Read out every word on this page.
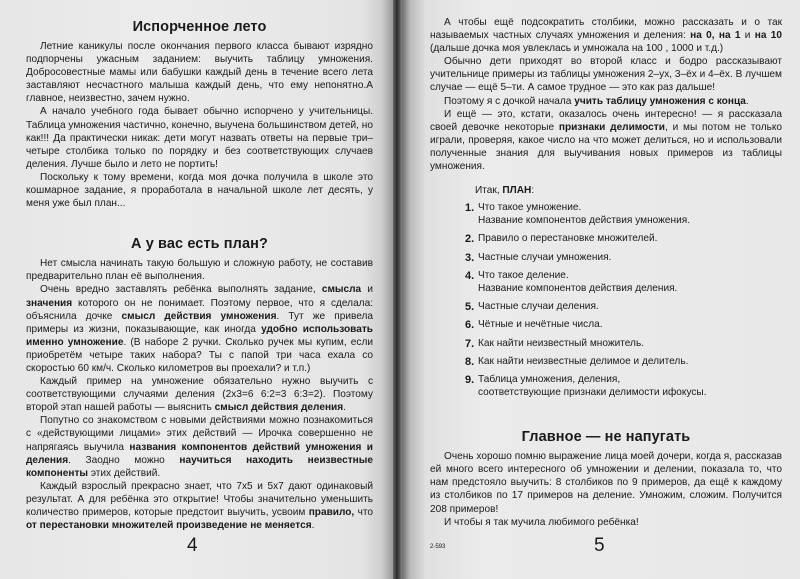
Испорченное лето

Летние каникулы после окончания первого класса бывают изрядно подпорчены ужасным заданием: выучить таблицу умножения. Добросовестные мамы или бабушки каждый день в течение всего лета заставляют несчастного малыша каждый день, что ему непонятно.А главное, неизвестно, зачем нужно.

А начало учебного года бывает обычно испорчено у учительницы. Таблица умножения частично, конечно, выучена большинством детей, но как!!! Да практически никак: дети могут назвать ответы на первые три–четыре столбика только по порядку и без соответствующих случаев деления. Лучше было и лето не портить!

Поскольку к тому времени, когда моя дочка получила в школе это кошмарное задание, я проработала в начальной школе лет десять, у меня уже был план...

А у вас есть план?

Нет смысла начинать такую большую и сложную работу, не составив предварительно план её выполнения.

Очень вредно заставлять ребёнка выполнять задание, смысла и значения которого он не понимает. Поэтому первое, что я сделала: объяснила дочке смысл действия умножения. Тут же привела примеры из жизни, показывающие, как иногда удобно использовать именно умножение. (В наборе 2 ручки. Сколько ручек мы купим, если приобретём четыре таких набора? Ты с папой три часа ехала со скоростью 60 км/ч. Сколько километров вы проехали? и т.п.)

Каждый пример на умножение обязательно нужно выучить с соответствующими случаями деления (2х3=6 6:2=3 6:3=2). Поэтому второй этап нашей работы — выяснить смысл действия деления.

Попутно со знакомством с новыми действиями можно познакомиться с «действующими лицами» этих действий — Ирочка совершенно не напрягаясь выучила названия компонентов действий умножения и деления. Заодно можно научиться находить неизвестные компоненты этих действий.

Каждый взрослый прекрасно знает, что 7х5 и 5х7 дают одинаковый результат. А для ребёнка это открытие! Чтобы значительно уменьшить количество примеров, которые предстоит выучить, усвоим правило, что от перестановки множителей произведение не меняется.

4

А чтобы ещё подсократить столбики, можно рассказать и о так называемых частных случаях умножения и деления: на 0, на 1 и на 10 (дальше дочка моя увлеклась и умножала на 100 , 1000 и т.д.)

Обычно дети приходят во второй класс и бодро рассказывают учительнице примеры из таблицы умножения 2–ух, 3–ёх и 4–ёх. В лучшем случае — ещё 5–ти. А самое трудное — это как раз дальше!

Поэтому я с дочкой начала учить таблицу умножения с конца.

И ещё — это, кстати, оказалось очень интересно! — я рассказала своей девочке некоторые признаки делимости, и мы потом не только играли, проверяя, какое число на что может делиться, но и использовали полученные знания для выучивания новых примеров из таблицы умножения.

Итак, ПЛАН:
1. Что такое умножение.
Название компонентов действия умножения.
2. Правило о перестановке множителей.
3. Частные случаи умножения.
4. Что такое деление.
Название компонентов действия деления.
5. Частные случаи деления.
6. Чётные и нечётные числа.
7. Как найти неизвестный множитель.
8. Как найти неизвестные делимое и делитель.
9. Таблица умножения, деления,
соответствующие признаки делимости ифокусы.
Главное — не напугать

Очень хорошо помню выражение лица моей дочери, когда я, рассказав ей много всего интересного об умножении и делении, показала то, что нам предстояло выучить: 8 столбиков по 9 примеров, да ещё к каждому из столбиков по 17 примеров на деление. Умножим, сложим. Получится 208 примеров!

И чтобы я так мучила любимого ребёнка!

2-593	5
